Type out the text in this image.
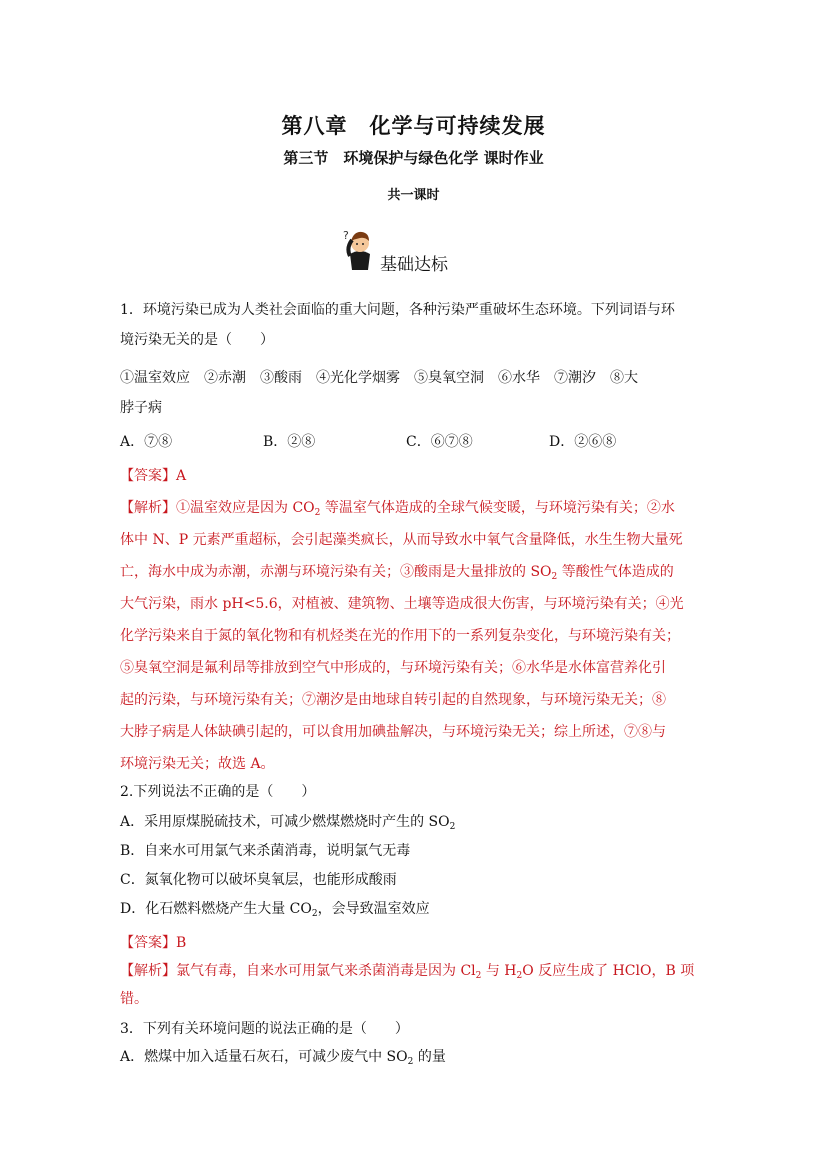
第八章　化学与可持续发展
第三节　环境保护与绿色化学 课时作业
共一课时
?
基础达标
1．环境污染已成为人类社会面临的重大问题，各种污染严重破坏生态环境。下列词语与环
境污染无关的是（　　）
①温室效应　②赤潮　③酸雨　④光化学烟雾　⑤臭氧空洞　⑥水华　⑦潮汐　⑧大
脖子病
A．⑦⑧	B．②⑧	C．⑥⑦⑧	D．②⑥⑧
【答案】A
【解析】①温室效应是因为 $CO_2$ 等温室气体造成的全球气候变暖，与环境污染有关；②水
体中 N、P 元素严重超标，会引起藻类疯长，从而导致水中氧气含量降低，水生生物大量死
亡，海水中成为赤潮，赤潮与环境污染有关；③酸雨是大量排放的 $SO_2$ 等酸性气体造成的
大气污染，雨水 pH<5.6，对植被、建筑物、土壤等造成很大伤害，与环境污染有关；④光
化学污染来自于氮的氧化物和有机烃类在光的作用下的一系列复杂变化，与环境污染有关；
⑤臭氧空洞是氟利昂等排放到空气中形成的，与环境污染有关；⑥水华是水体富营养化引
起的污染，与环境污染有关；⑦潮汐是由地球自转引起的自然现象，与环境污染无关；⑧
大脖子病是人体缺碘引起的，可以食用加碘盐解决，与环境污染无关；综上所述，⑦⑧与
环境污染无关；故选 A。
2.下列说法不正确的是（　　）
A．采用原煤脱硫技术，可减少燃煤燃烧时产生的 $SO_2$
B．自来水可用氯气来杀菌消毒，说明氯气无毒
C．氮氧化物可以破坏臭氧层，也能形成酸雨
D．化石燃料燃烧产生大量 $CO_2$，会导致温室效应
【答案】B
【解析】氯气有毒，自来水可用氯气来杀菌消毒是因为 $Cl_2$ 与 $H_2O$ 反应生成了 HClO，B 项
错。
3．下列有关环境问题的说法正确的是（　　）
A．燃煤中加入适量石灰石，可减少废气中 $SO_2$ 的量
